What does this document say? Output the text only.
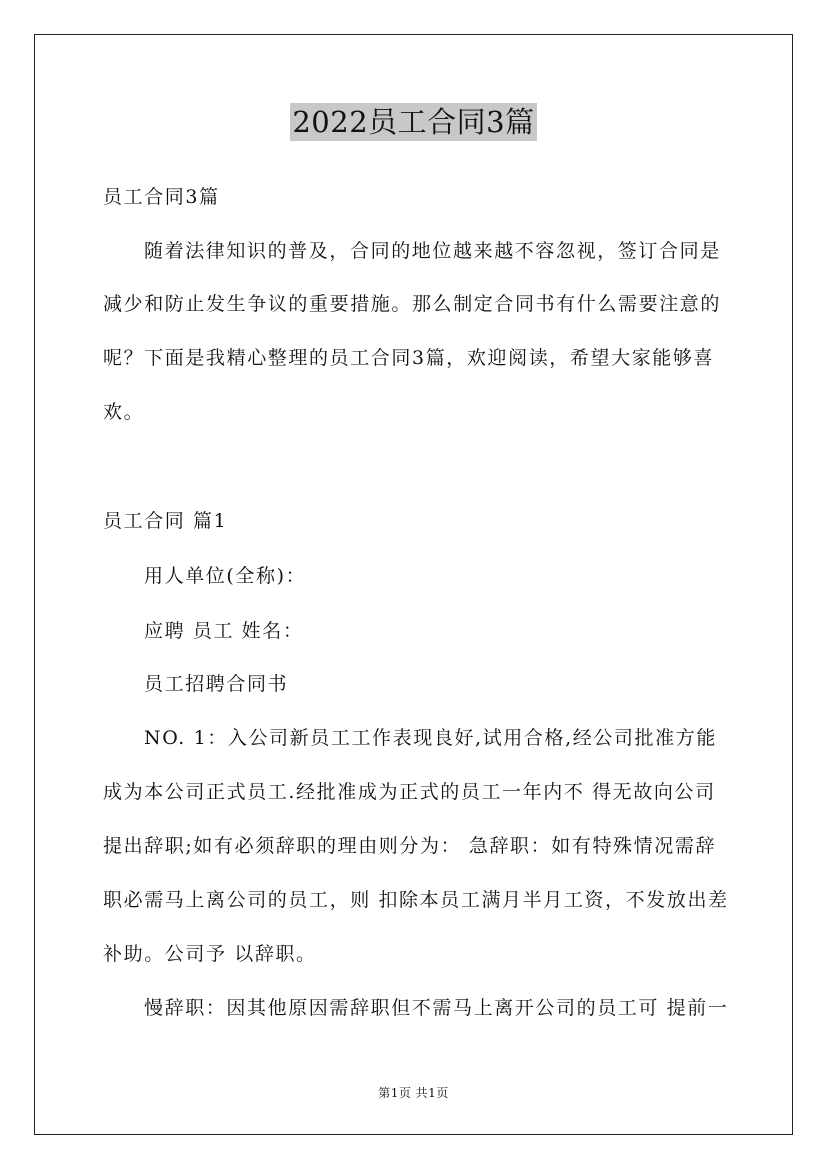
2022员工合同3篇
员工合同3篇
随着法律知识的普及，合同的地位越来越不容忽视，签订合同是
减少和防止发生争议的重要措施。那么制定合同书有什么需要注意的
呢？下面是我精心整理的员工合同3篇，欢迎阅读，希望大家能够喜
欢。
员工合同 篇1
用人单位(全称)：
应聘 员工 姓名：
员工招聘合同书
NO. 1：入公司新员工工作表现良好,试用合格,经公司批准方能
成为本公司正式员工.经批准成为正式的员工一年内不 得无故向公司
提出辞职;如有必须辞职的理由则分为： 急辞职：如有特殊情况需辞
职必需马上离公司的员工，则 扣除本员工满月半月工资，不发放出差
补助。公司予 以辞职。
慢辞职：因其他原因需辞职但不需马上离开公司的员工可 提前一
第1页 共1页
